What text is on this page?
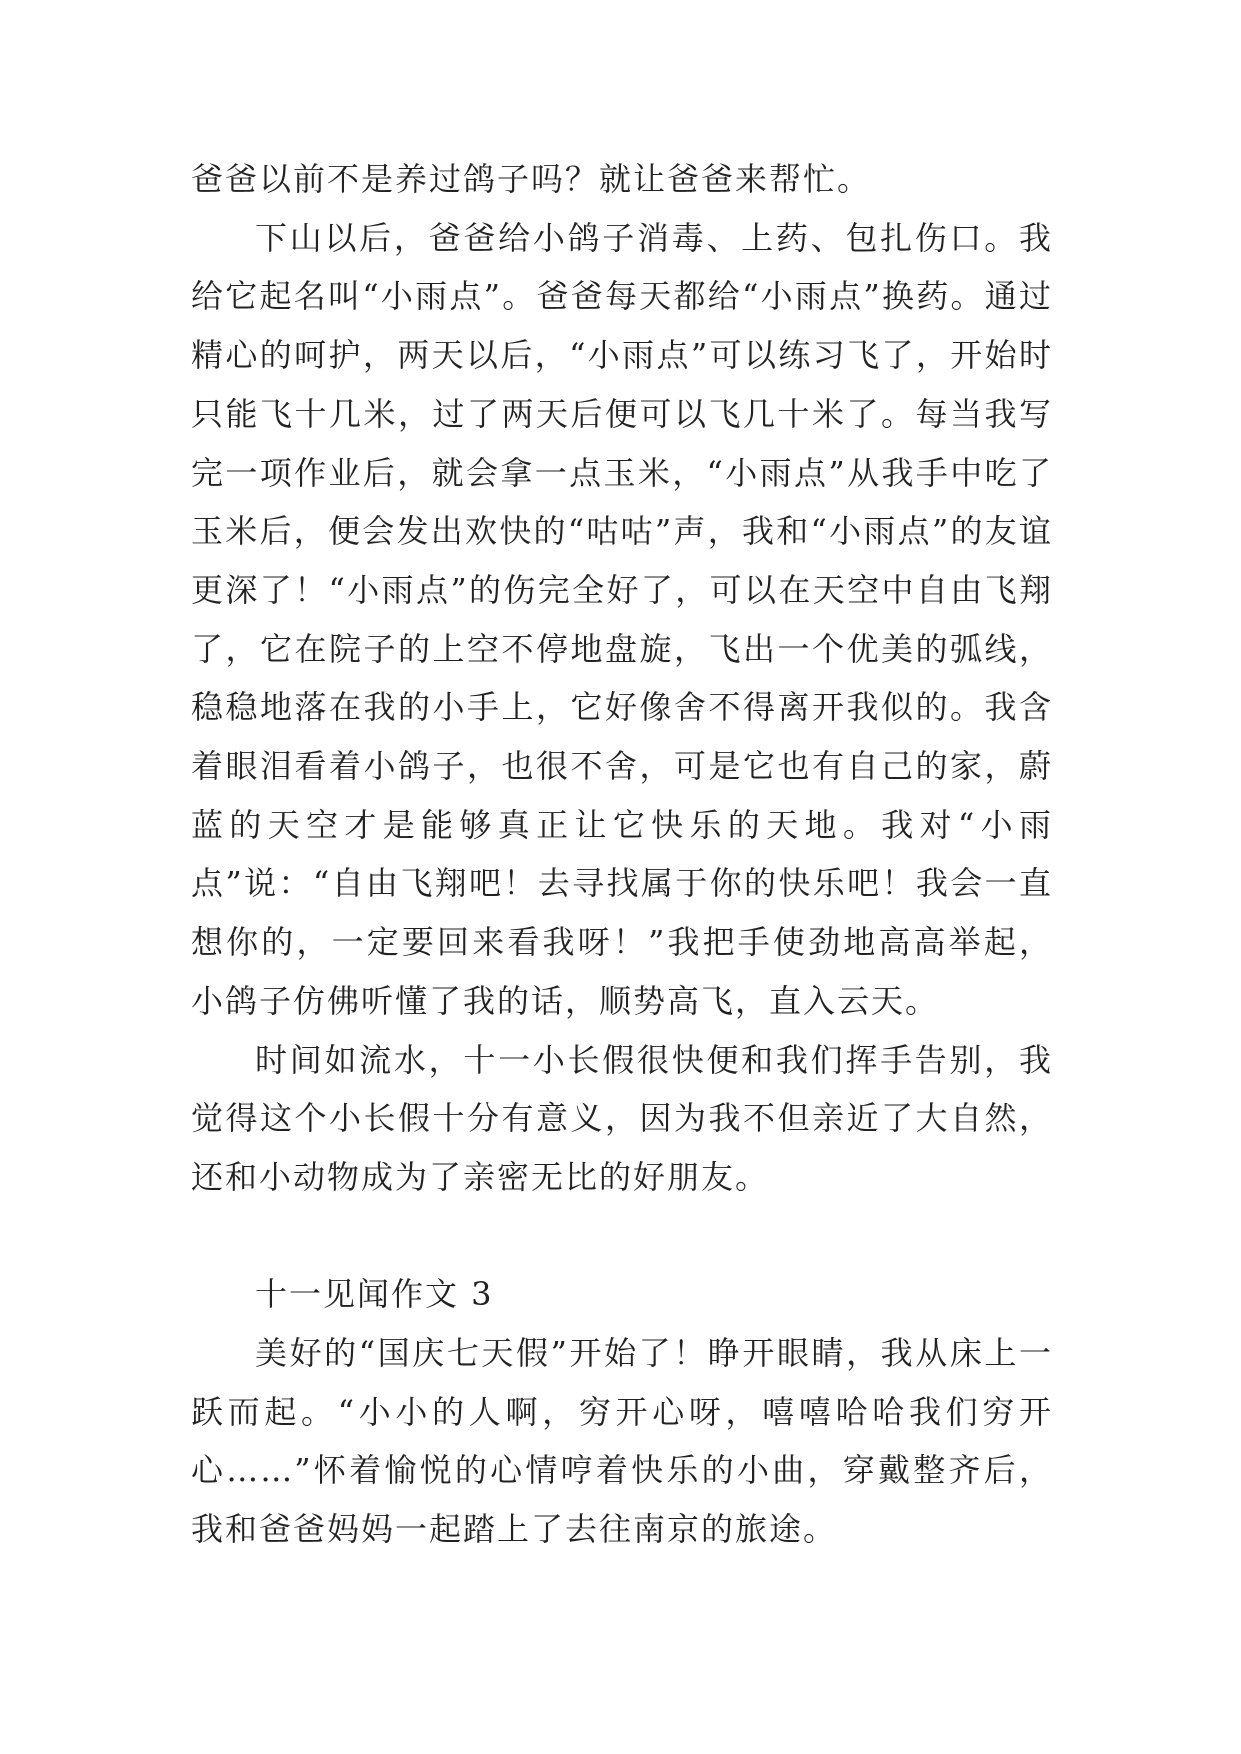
爸爸以前不是养过鸽子吗？就让爸爸来帮忙。

下山以后，爸爸给小鸽子消毒、上药、包扎伤口。我给它起名叫“小雨点”。爸爸每天都给“小雨点”换药。通过精心的呵护，两天以后，“小雨点”可以练习飞了，开始时只能飞十几米，过了两天后便可以飞几十米了。每当我写完一项作业后，就会拿一点玉米，“小雨点”从我手中吃了玉米后，便会发出欢快的“咕咕”声，我和“小雨点”的友谊更深了！“小雨点”的伤完全好了，可以在天空中自由飞翔了，它在院子的上空不停地盘旋，飞出一个优美的弧线，稳稳地落在我的小手上，它好像舍不得离开我似的。我含着眼泪看着小鸽子，也很不舍，可是它也有自己的家，蔚蓝的天空才是能够真正让它快乐的天地。我对“小雨点”说：“自由飞翔吧！去寻找属于你的快乐吧！我会一直想你的，一定要回来看我呀！”我把手使劲地高高举起，小鸽子仿佛听懂了我的话，顺势高飞，直入云天。

时间如流水，十一小长假很快便和我们挥手告别，我觉得这个小长假十分有意义，因为我不但亲近了大自然，还和小动物成为了亲密无比的好朋友。

十一见闻作文 3

美好的“国庆七天假”开始了！睁开眼睛，我从床上一跃而起。“小小的人啊，穷开心呀，嘻嘻哈哈我们穷开心……”怀着愉悦的心情哼着快乐的小曲，穿戴整齐后，我和爸爸妈妈一起踏上了去往南京的旅途。
